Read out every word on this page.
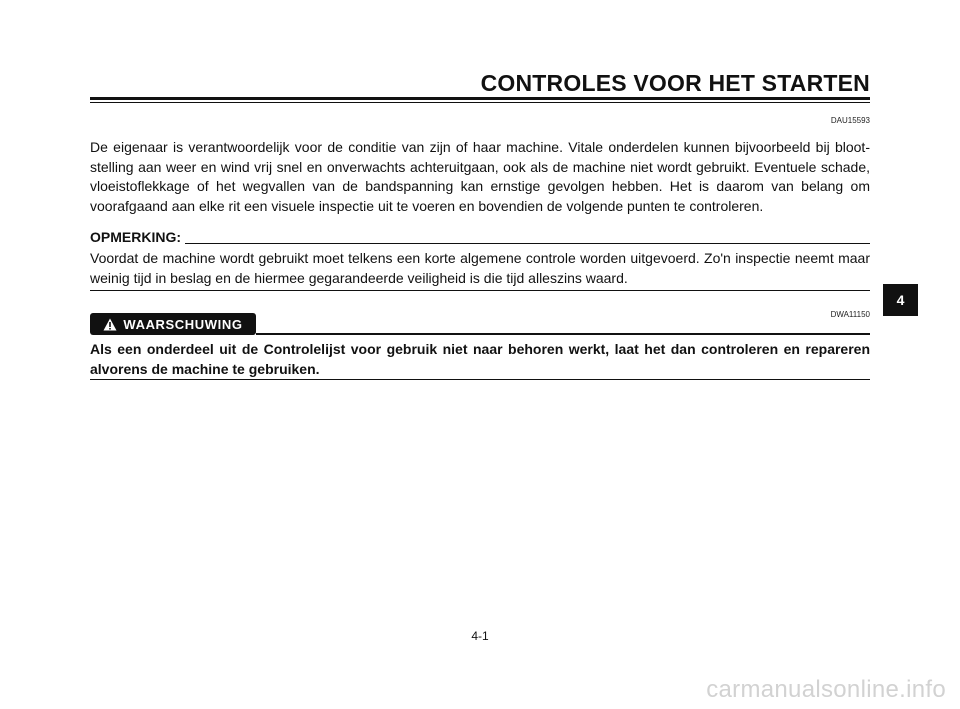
CONTROLES VOOR HET STARTEN
DAU15593

De eigenaar is verantwoordelijk voor de conditie van zijn of haar machine. Vitale onderdelen kunnen bijvoorbeeld bij blootstelling aan weer en wind vrij snel en onverwachts achteruitgaan, ook als de machine niet wordt gebruikt. Eventuele schade, vloeistoflekkage of het wegvallen van de bandspanning kan ernstige gevolgen hebben. Het is daarom van belang om voorafgaand aan elke rit een visuele inspectie uit te voeren en bovendien de volgende punten te controleren.

OPMERKING:

Voordat de machine wordt gebruikt moet telkens een korte algemene controle worden uitgevoerd. Zo'n inspectie neemt maar weinig tijd in beslag en de hiermee gegarandeerde veiligheid is die tijd alleszins waard.

DWA11150
WAARSCHUWING

Als een onderdeel uit de Controlelijst voor gebruik niet naar behoren werkt, laat het dan controleren en repareren alvorens de machine te gebruiken.

4
4-1
carmanualsonline.info
